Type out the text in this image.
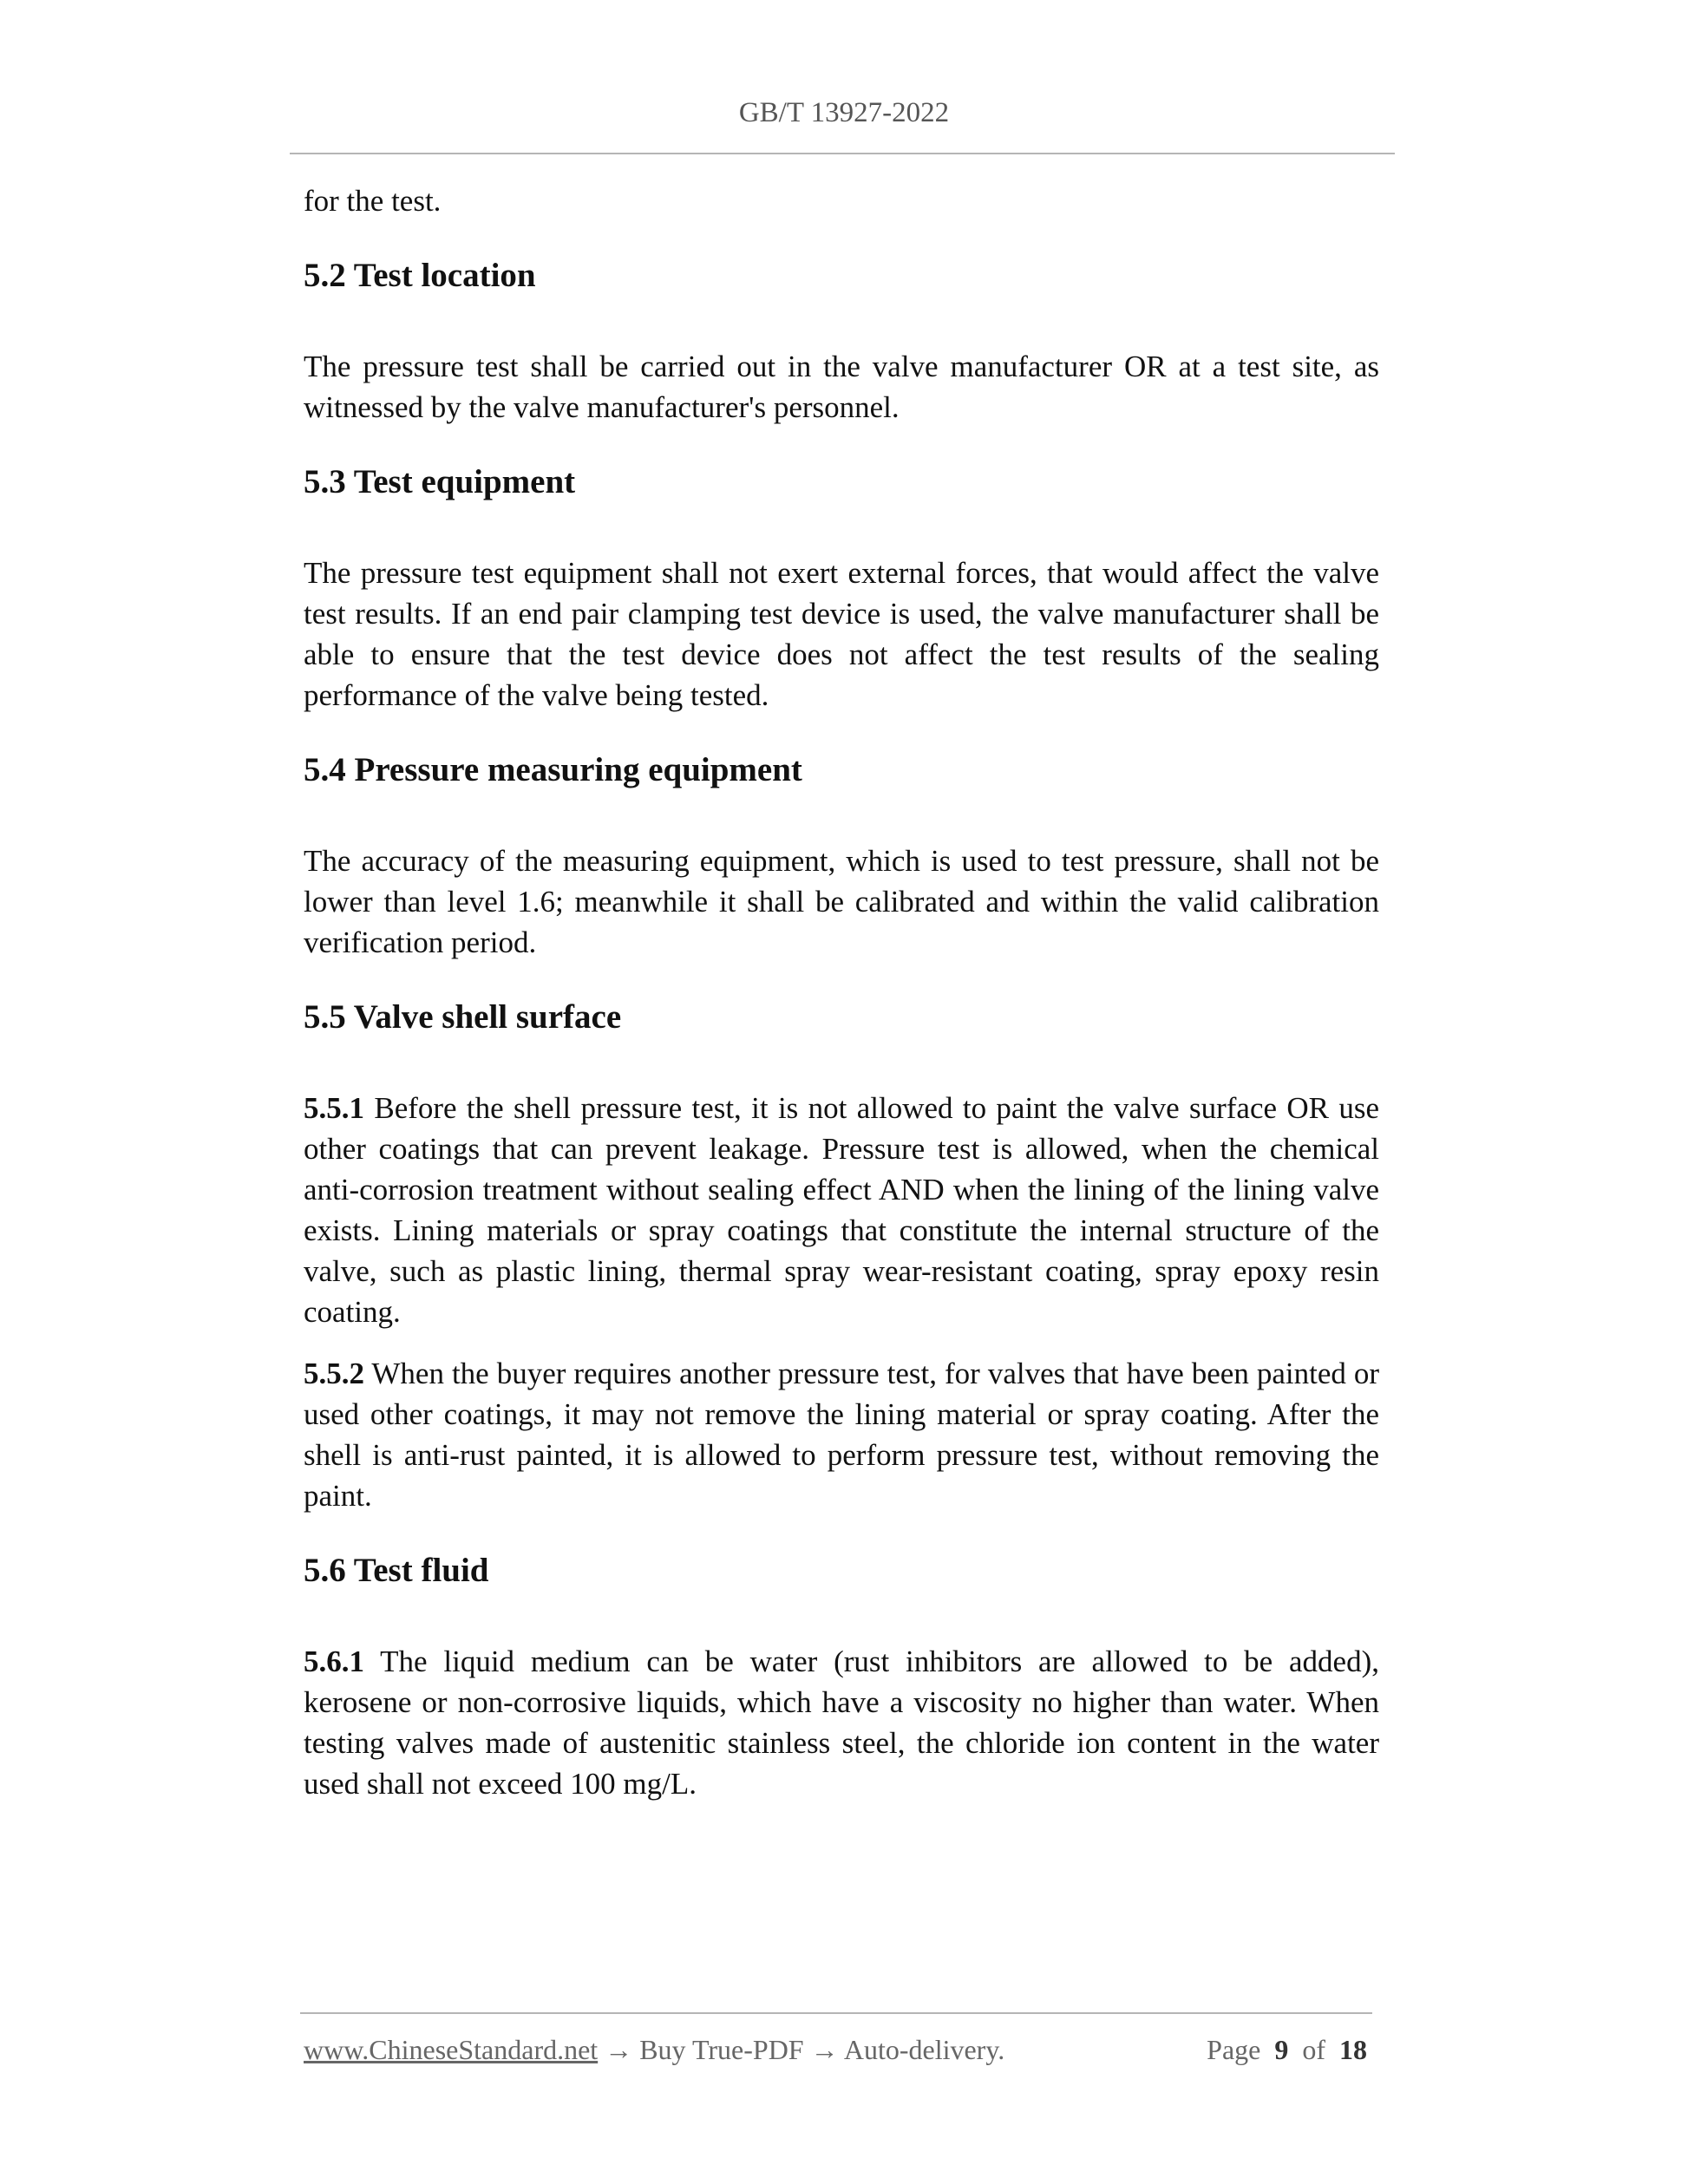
GB/T 13927-2022

for the test.

5.2 Test location

The pressure test shall be carried out in the valve manufacturer OR at a test site, as witnessed by the valve manufacturer's personnel.

5.3 Test equipment

The pressure test equipment shall not exert external forces, that would affect the valve test results. If an end pair clamping test device is used, the valve manufacturer shall be able to ensure that the test device does not affect the test results of the sealing performance of the valve being tested.

5.4 Pressure measuring equipment

The accuracy of the measuring equipment, which is used to test pressure, shall not be lower than level 1.6; meanwhile it shall be calibrated and within the valid calibration verification period.

5.5 Valve shell surface

5.5.1 Before the shell pressure test, it is not allowed to paint the valve surface OR use other coatings that can prevent leakage. Pressure test is allowed, when the chemical anti-corrosion treatment without sealing effect AND when the lining of the lining valve exists. Lining materials or spray coatings that constitute the internal structure of the valve, such as plastic lining, thermal spray wear-resistant coating, spray epoxy resin coating.

5.5.2 When the buyer requires another pressure test, for valves that have been painted or used other coatings, it may not remove the lining material or spray coating. After the shell is anti-rust painted, it is allowed to perform pressure test, without removing the paint.

5.6 Test fluid

5.6.1 The liquid medium can be water (rust inhibitors are allowed to be added), kerosene or non-corrosive liquids, which have a viscosity no higher than water. When testing valves made of austenitic stainless steel, the chloride ion content in the water used shall not exceed 100 mg/L.

www.ChineseStandard.net → Buy True-PDF → Auto-delivery.	Page 9 of 18
